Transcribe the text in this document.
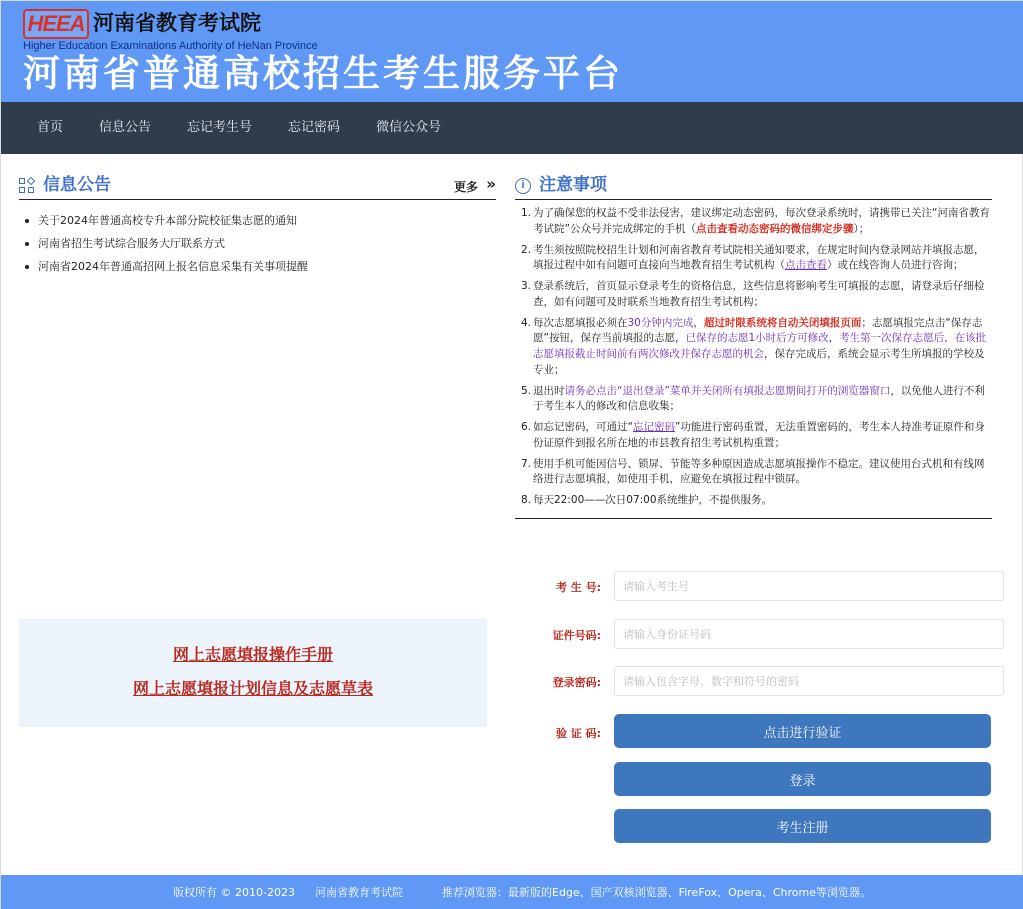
HEEA 河南省教育考试院
Higher Education Examinations Authority of HeNan Province
河南省普通高校招生考生服务平台
首页	信息公告	忘记考生号	忘记密码	微信公众号
信息公告	更多 »
关于2024年普通高校专升本部分院校征集志愿的通知
河南省招生考试综合服务大厅联系方式
河南省2024年普通高招网上报名信息采集有关事项提醒
网上志愿填报操作手册
网上志愿填报计划信息及志愿草表
i 注意事项
1. 为了确保您的权益不受非法侵害，建议绑定动态密码，每次登录系统时，请携带已关注“河南省教育考试院”公众号并完成绑定的手机（点击查看动态密码的微信绑定步骤）；
2. 考生须按照院校招生计划和河南省教育考试院相关通知要求，在规定时间内登录网站并填报志愿，填报过程中如有问题可直接向当地教育招生考试机构（点击查看）或在线咨询人员进行咨询；
3. 登录系统后，首页显示登录考生的资格信息，这些信息将影响考生可填报的志愿，请登录后仔细检查，如有问题可及时联系当地教育招生考试机构；
4. 每次志愿填报必须在30分钟内完成，超过时限系统将自动关闭填报页面；志愿填报完点击“保存志愿”按钮，保存当前填报的志愿，已保存的志愿1小时后方可修改，考生第一次保存志愿后，在该批志愿填报截止时间前有两次修改并保存志愿的机会，保存完成后，系统会显示考生所填报的学校及专业；
5. 退出时请务必点击“退出登录”菜单并关闭所有填报志愿期间打开的浏览器窗口，以免他人进行不利于考生本人的修改和信息收集；
6. 如忘记密码，可通过“忘记密码”功能进行密码重置，无法重置密码的，考生本人持准考证原件和身份证原件到报名所在地的市县教育招生考试机构重置；
7. 使用手机可能因信号、锁屏、节能等多种原因造成志愿填报操作不稳定。建议使用台式机和有线网络进行志愿填报，如使用手机，应避免在填报过程中锁屏。
8. 每天22:00——次日07:00系统维护，不提供服务。
考 生 号:
请输入考生号
证件号码:
请输入身份证号码
登录密码:
验 证 码:	点击进行验证
登录
考生注册
版权所有 © 2010-2023 河南省教育考试院	推荐浏览器：最新版的Edge、国产双核浏览器、FireFox、Opera、Chrome等浏览器。
